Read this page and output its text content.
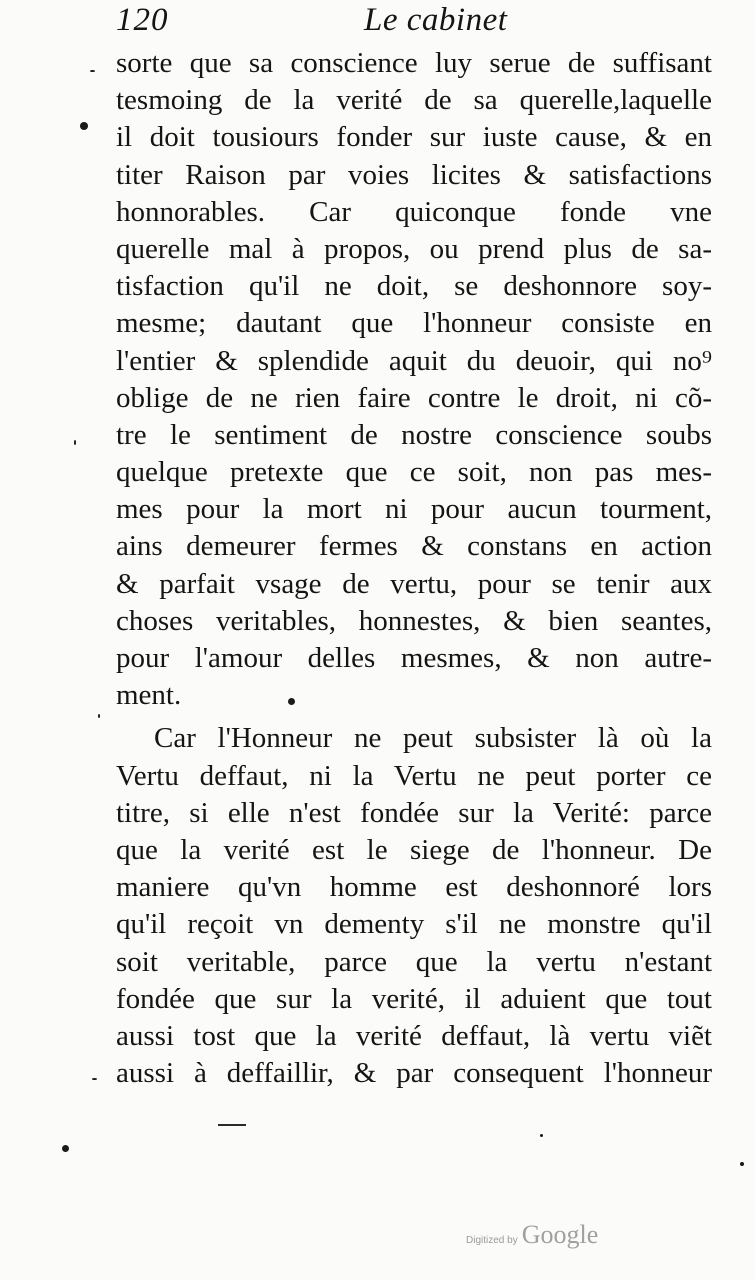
120	Le cabinet
sorte que sa conscience luy serue de suffisant
tesmoing de la verité de sa querelle,laquelle
il doit tousiours fonder sur iuste cause, & en
titer Raison par voies licites & satisfactions
honnorables. Car quiconque fonde vne
querelle mal à propos, ou prend plus de sa-
tisfaction qu'il ne doit, se deshonnore soy-
mesme; dautant que l'honneur consiste en
l'entier & splendide aquit du deuoir, qui no⁹
oblige de ne rien faire contre le droit, ni cõ-
tre le sentiment de nostre conscience soubs
quelque pretexte que ce soit, non pas mes-
mes pour la mort ni pour aucun tourment,
ains demeurer fermes & constans en action
& parfait vsage de vertu, pour se tenir aux
choses veritables, honnestes, & bien seantes,
pour l'amour delles mesmes, & non autre-
ment.
Car l'Honneur ne peut subsister là où la
Vertu deffaut, ni la Vertu ne peut porter ce
titre, si elle n'est fondée sur la Verité: parce
que la verité est le siege de l'honneur. De
maniere qu'vn homme est deshonnoré lors
qu'il reçoit vn dementy s'il ne monstre qu'il
soit veritable, parce que la vertu n'estant
fondée que sur la verité, il aduient que tout
aussi tost que la verité deffaut, là vertu viẽt
aussi à deffaillir, & par consequent l'honneur
Digitized by Google
